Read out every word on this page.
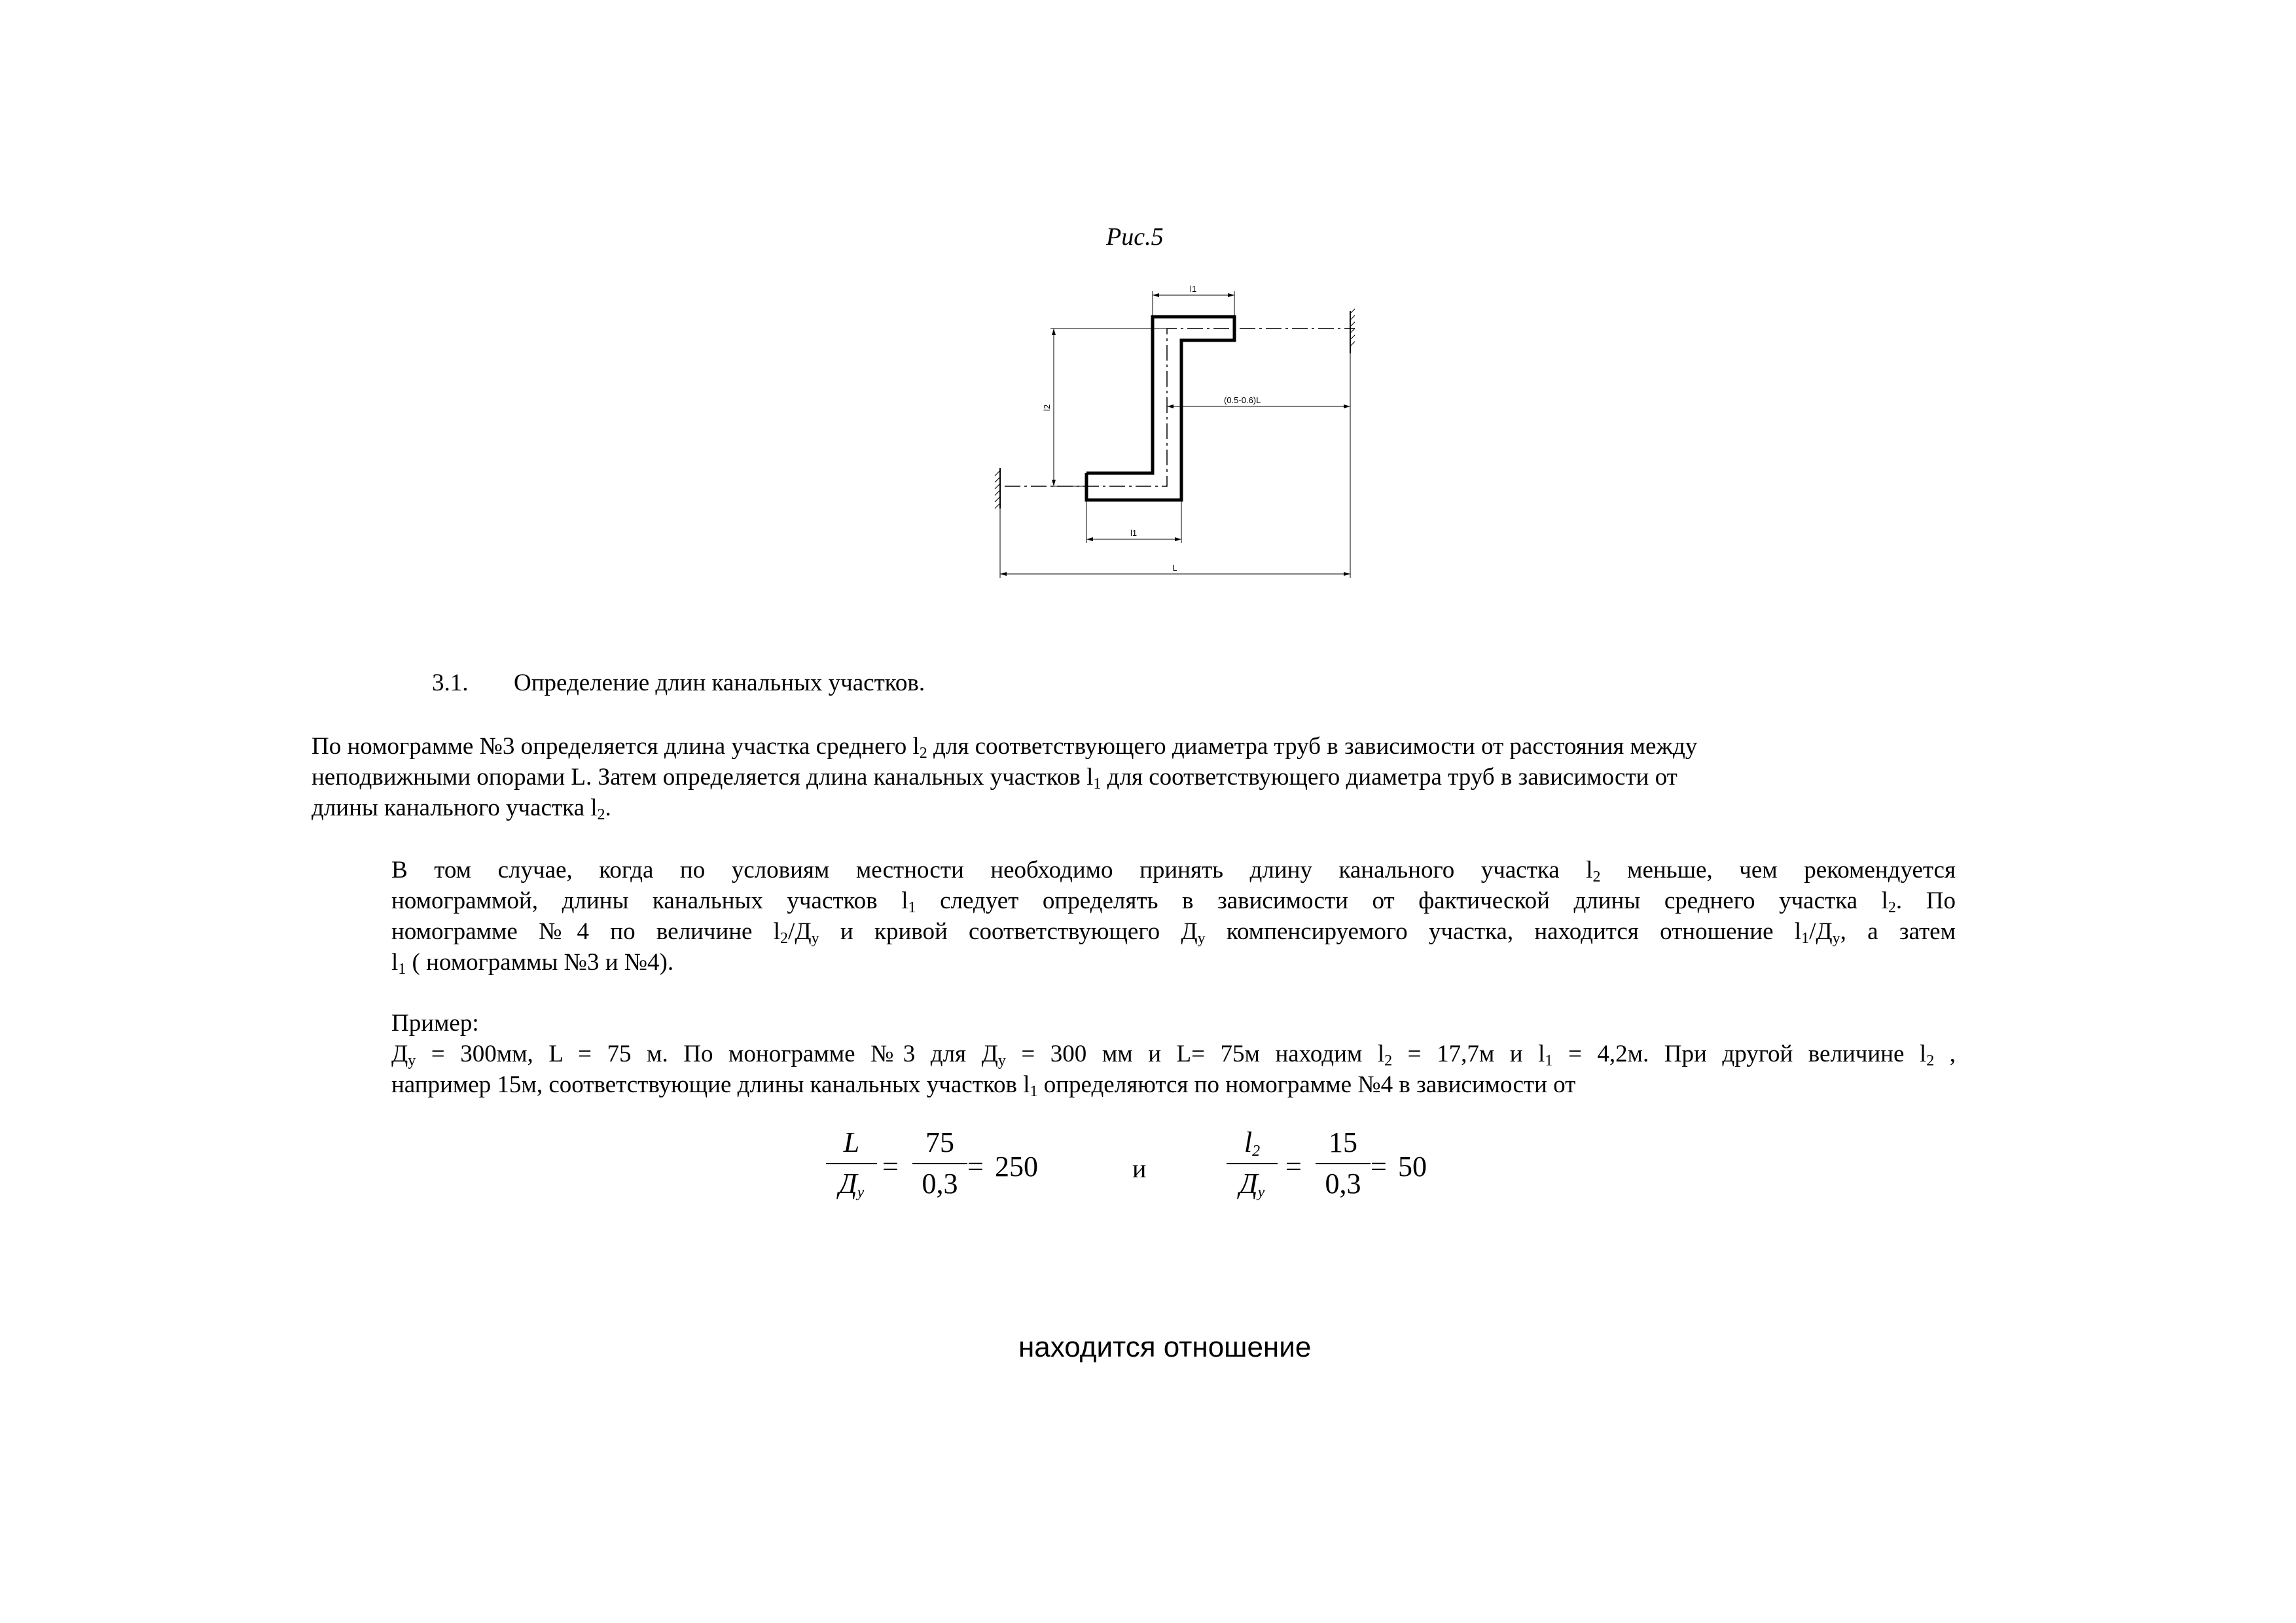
Рис.5
l1
l2
l1
(0.5-0.6)L
L
3.1. Определение длин канальных участков.
По номограмме №3 определяется длина участка среднего $l_2$ для соответствующего диаметра труб в зависимости от расстояния между
неподвижными опорами L. Затем определяется длина канальных участков $l_1$ для соответствующего диаметра труб в зависимости от
длины канального участка $l_2$.
В том случае, когда по условиям местности необходимо принять длину канального участка $l_2$ меньше, чем рекомендуется
номограммой, длины канальных участков $l_1$ следует определять в зависимости от фактической длины среднего участка $l_2$. По
номограмме №4 по величине $l_2/Д_у$ и кривой соответствующего $Д_у$ компенсируемого участка, находится отношение $l_1/Д_у$, а затем
$l_1$ ( номограммы №3 и №4).
Пример:
$Д_у = 300мм$, L = 75 м. По монограмме №3 для $Д_у = 300$ мм и L= 75м находим $l_2 = 17,7м$ и $l_1 = 4,2м$. При другой величине $l_2$ ,
например 15м, соответствующие длины канальных участков $l_1$ определяются по номограмме №4 в зависимости от
L
$Д_у$
=
75
0,3
= 250	и
$l_2$
$Д_у$
=
15
0,3
= 50
находится отношение
